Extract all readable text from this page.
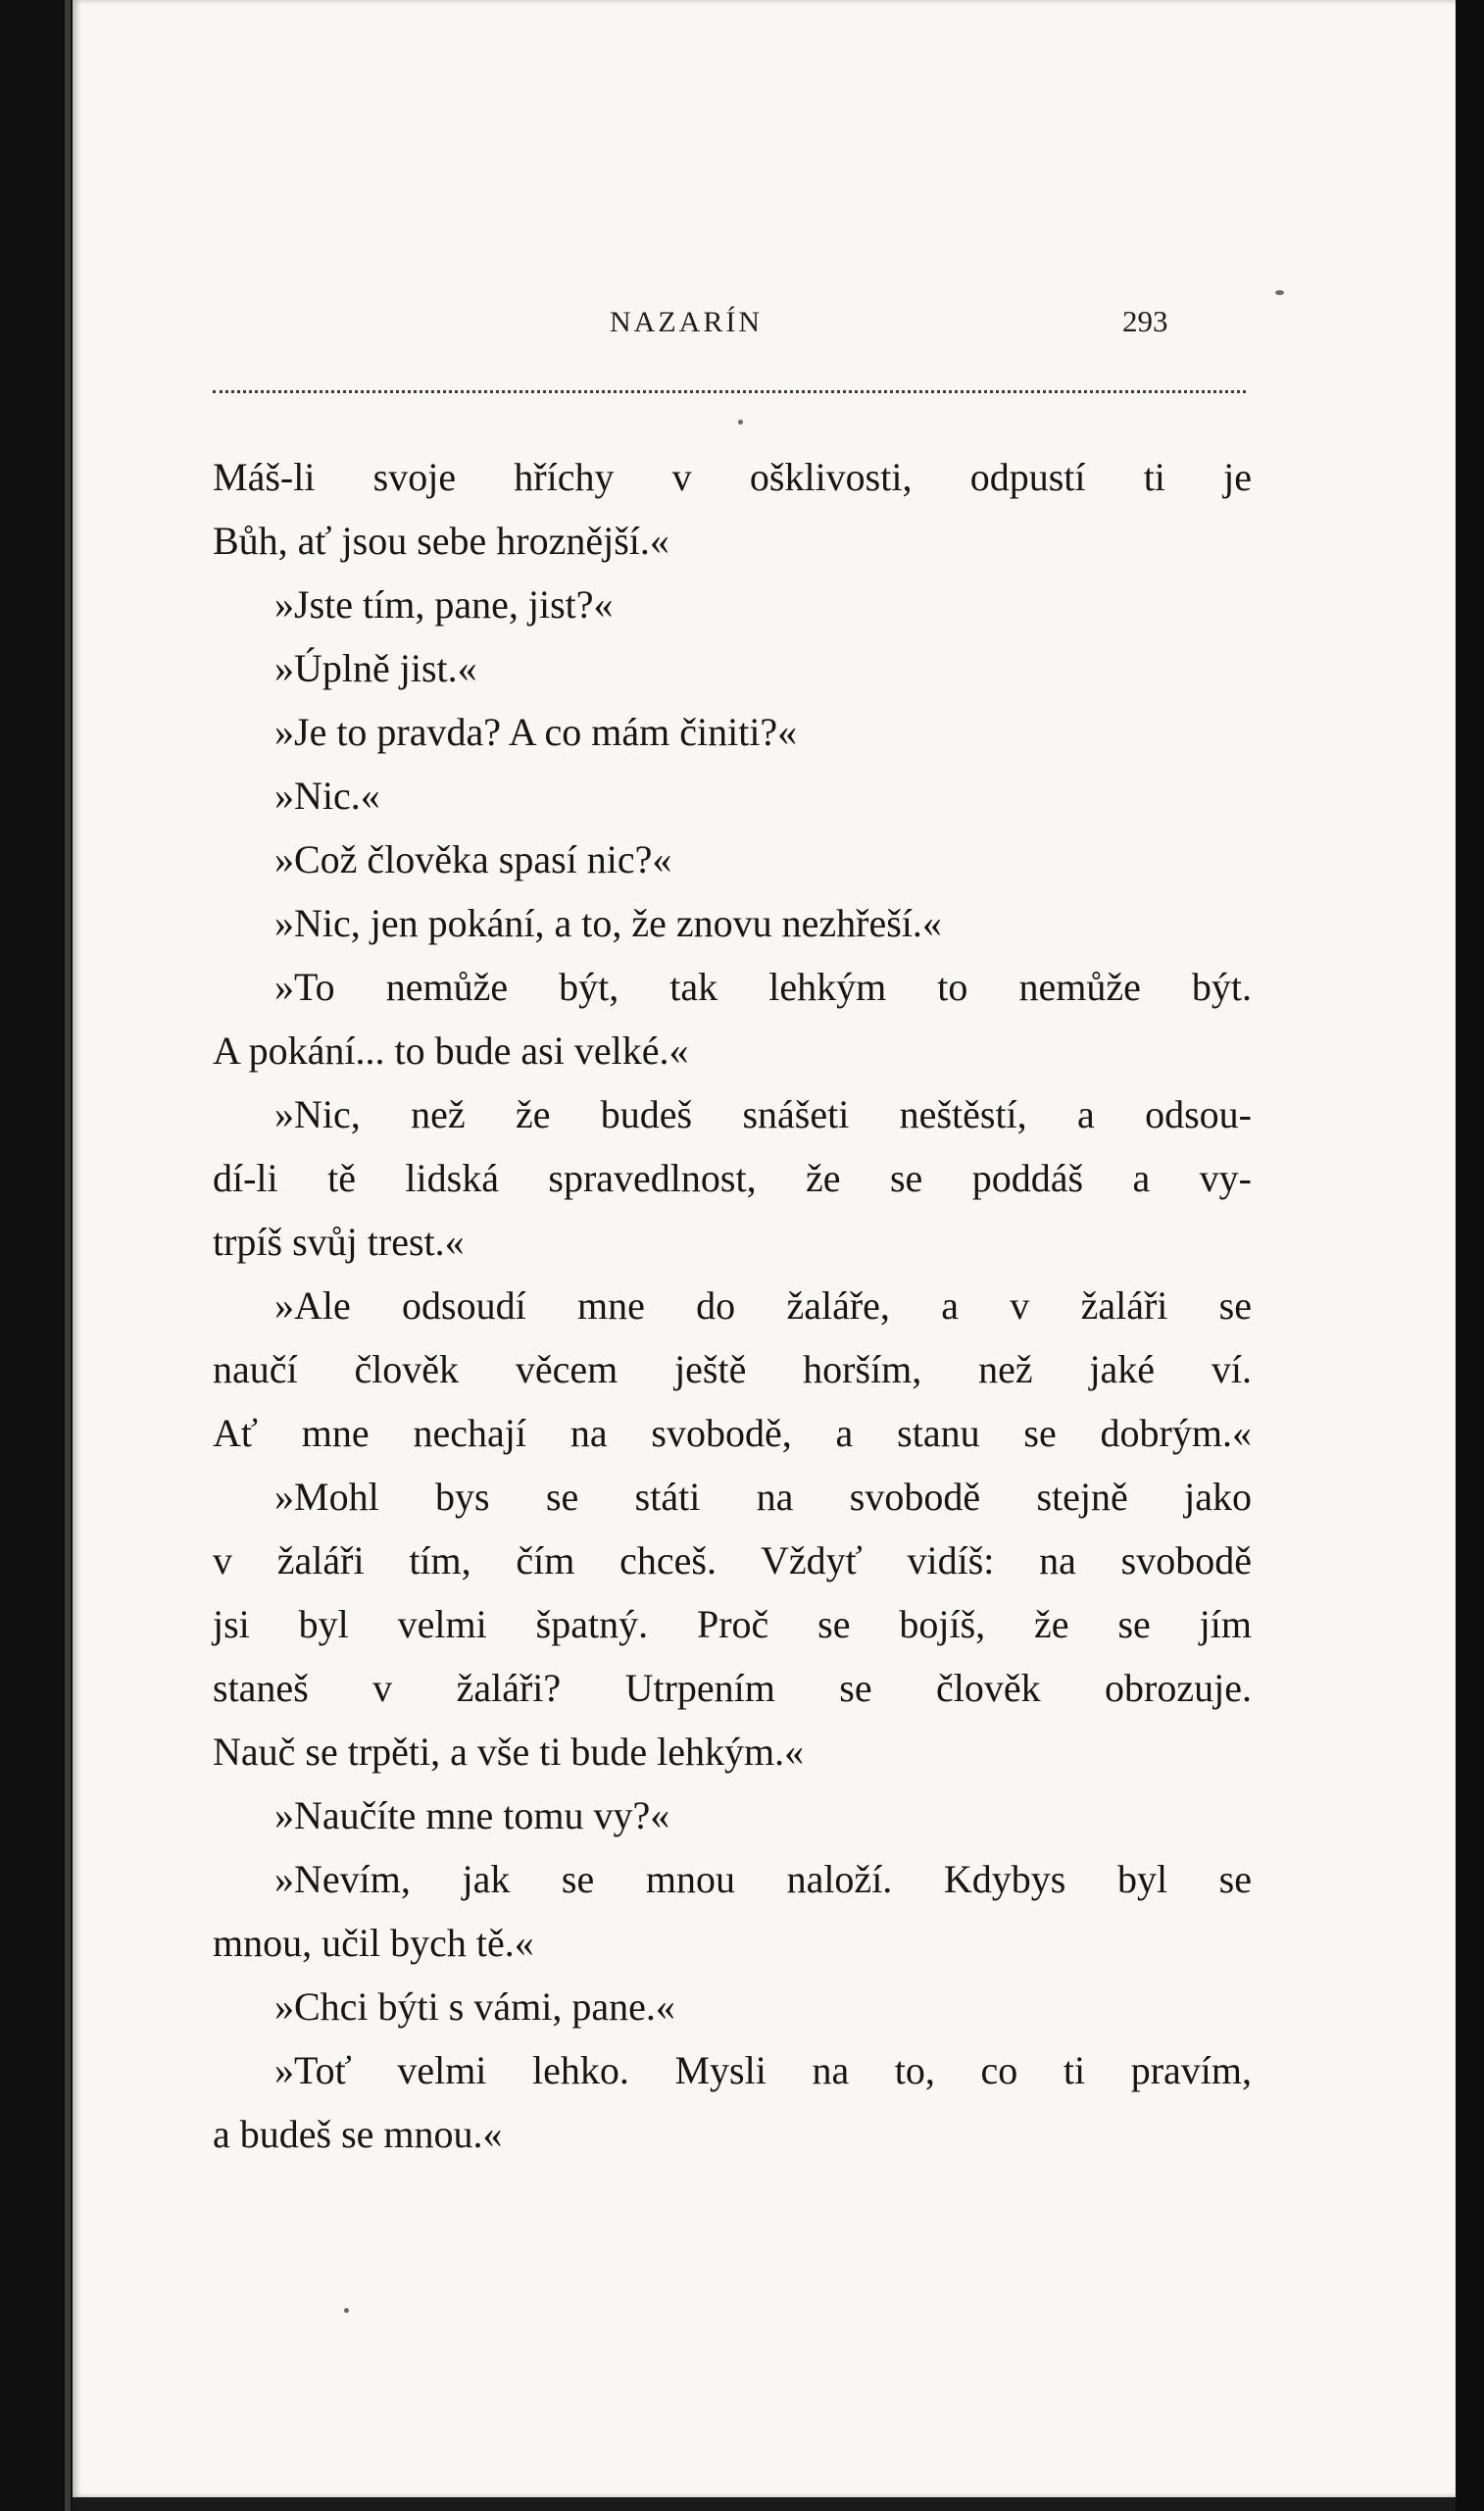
NAZARÍN	293
Máš-li svoje hříchy v ošklivosti, odpustí ti je
Bůh, ať jsou sebe hroznější.«
»Jste tím, pane, jist?«
»Úplně jist.«
»Je to pravda? A co mám činiti?«
»Nic.«
»Což člověka spasí nic?«
»Nic, jen pokání, a to, že znovu nezhřeší.«
»To nemůže být, tak lehkým to nemůže být.
A pokání... to bude asi velké.«
»Nic, než že budeš snášeti neštěstí, a odsou-
dí-li tě lidská spravedlnost, že se poddáš a vy-
trpíš svůj trest.«
»Ale odsoudí mne do žaláře, a v žaláři se
naučí člověk věcem ještě horším, než jaké ví.
Ať mne nechají na svobodě, a stanu se dobrým.«
»Mohl bys se státi na svobodě stejně jako
v žaláři tím, čím chceš. Vždyť vidíš: na svobodě
jsi byl velmi špatný. Proč se bojíš, že se jím
staneš v žaláři? Utrpením se člověk obrozuje.
Nauč se trpěti, a vše ti bude lehkým.«
»Naučíte mne tomu vy?«
»Nevím, jak se mnou naloží. Kdybys byl se
mnou, učil bych tě.«
»Chci býti s vámi, pane.«
»Toť velmi lehko. Mysli na to, co ti pravím,
a budeš se mnou.«
